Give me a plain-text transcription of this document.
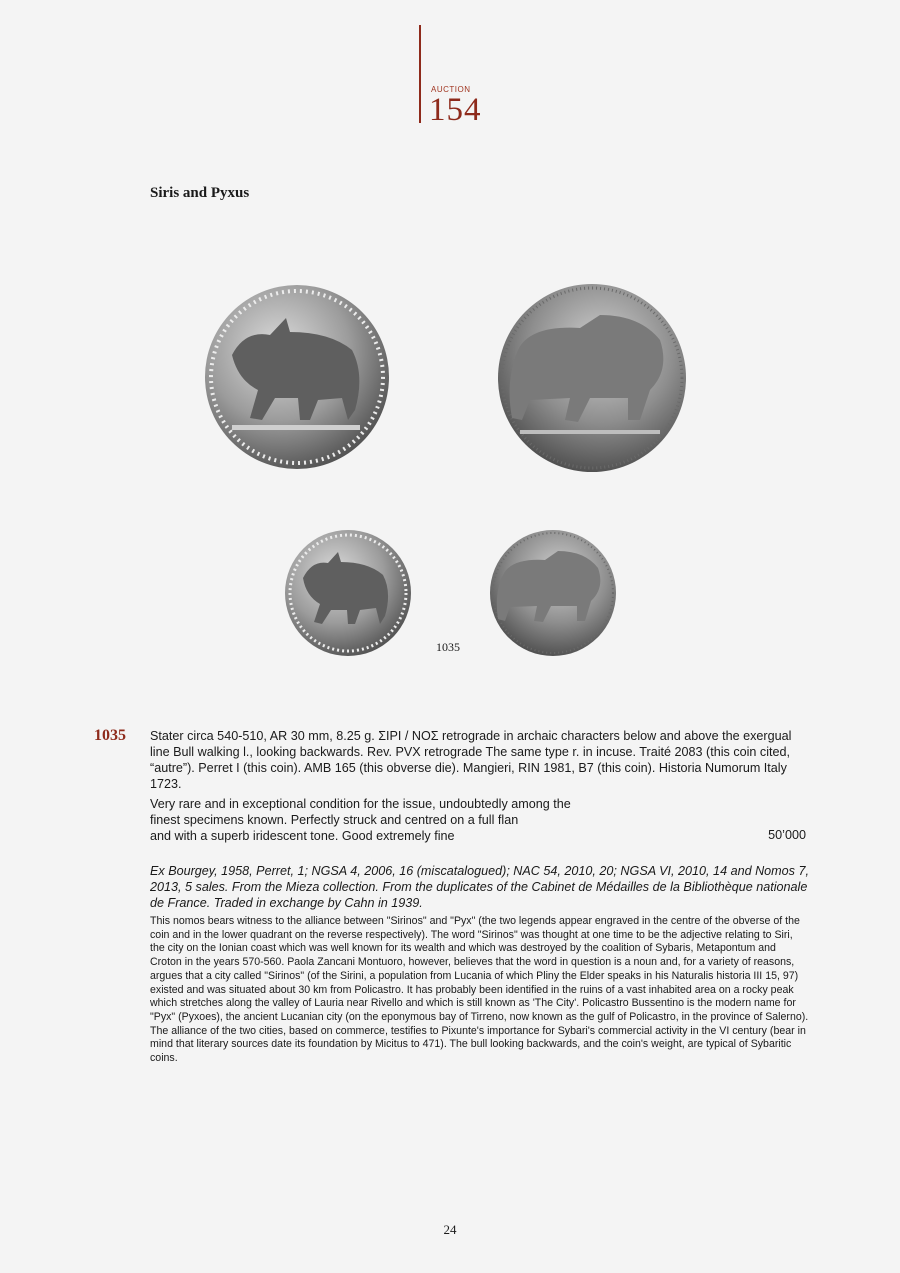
AUCTION
154
Siris and Pyxus
1035
1035 Stater circa 540-510, AR 30 mm, 8.25 g. ΣIPI / NOΣ retrograde in archaic characters below and above the exergual line Bull walking l., looking backwards. Rev. PVX retrograde The same type r. in incuse. Traité 2083 (this coin cited, “autre”). Perret I (this coin). AMB 165 (this obverse die). Mangieri, RIN 1981, B7 (this coin). Historia Numorum Italy 1723.
Very rare and in exceptional condition for the issue, undoubtedly among the
finest specimens known. Perfectly struck and centred on a full flan
and with a superb iridescent tone. Good extremely fine	50’000
Ex Bourgey, 1958, Perret, 1; NGSA 4, 2006, 16 (miscatalogued); NAC 54, 2010, 20; NGSA VI, 2010, 14 and Nomos 7, 2013, 5 sales. From the Mieza collection. From the duplicates of the Cabinet de Médailles de la Bibliothèque nationale de France. Traded in exchange by Cahn in 1939.
This nomos bears witness to the alliance between "Sirinos" and "Pyx" (the two legends appear engraved in the centre of the obverse of the coin and in the lower quadrant on the reverse respectively). The word "Sirinos" was thought at one time to be the adjective relating to Siri, the city on the Ionian coast which was well known for its wealth and which was destroyed by the coalition of Sybaris, Metapontum and Croton in the years 570-560. Paola Zancani Montuoro, however, believes that the word in question is a noun and, for a variety of reasons, argues that a city called "Sirinos" (of the Sirini, a population from Lucania of which Pliny the Elder speaks in his Naturalis historia III 15, 97) existed and was situated about 30 km from Policastro. It has probably been identified in the ruins of a vast inhabited area on a rocky peak which stretches along the valley of Lauria near Rivello and which is still known as 'The City'. Policastro Bussentino is the modern name for "Pyx" (Pyxoes), the ancient Lucanian city (on the eponymous bay of Tirreno, now known as the gulf of Policastro, in the province of Salerno). The alliance of the two cities, based on commerce, testifies to Pixunte's importance for Sybari's commercial activity in the VI century (bear in mind that literary sources date its foundation by Micitus to 471). The bull looking backwards, and the coin's weight, are typical of Sybaritic coins.
24
